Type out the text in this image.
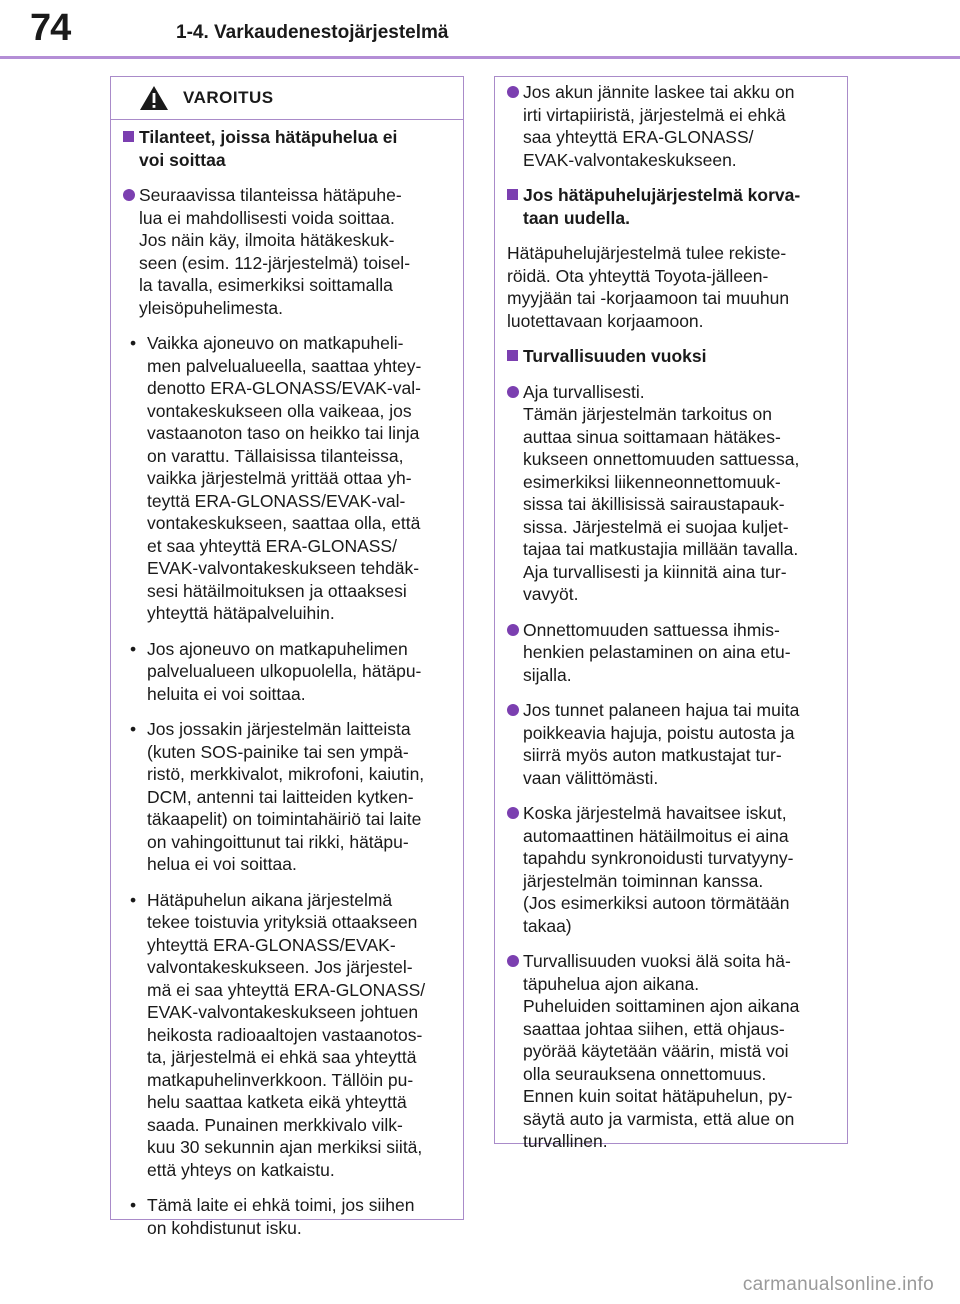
74	1-4. Varkaudenestojärjestelmä
VAROITUS
Tilanteet, joissa hätäpuhelua ei
voi soittaa
Seuraavissa tilanteissa hätäpuhe-
lua ei mahdollisesti voida soittaa.
Jos näin käy, ilmoita hätäkeskuk-
seen (esim. 112-järjestelmä) toisel-
la tavalla, esimerkiksi soittamalla
yleisöpuhelimesta.
• Vaikka ajoneuvo on matkapuheli-
men palvelualueella, saattaa yhtey-
denotto ERA-GLONASS/EVAK-val-
vontakeskukseen olla vaikeaa, jos
vastaanoton taso on heikko tai linja
on varattu. Tällaisissa tilanteissa,
vaikka järjestelmä yrittää ottaa yh-
teyttä ERA-GLONASS/EVAK-val-
vontakeskukseen, saattaa olla, että
et saa yhteyttä ERA-GLONASS/
EVAK-valvontakeskukseen tehdäk-
sesi hätäilmoituksen ja ottaaksesi
yhteyttä hätäpalveluihin.
• Jos ajoneuvo on matkapuhelimen
palvelualueen ulkopuolella, hätäpu-
heluita ei voi soittaa.
• Jos jossakin järjestelmän laitteista
(kuten SOS-painike tai sen ympä-
ristö, merkkivalot, mikrofoni, kaiutin,
DCM, antenni tai laitteiden kytken-
täkaapelit) on toimintahäiriö tai laite
on vahingoittunut tai rikki, hätäpu-
helua ei voi soittaa.
• Hätäpuhelun aikana järjestelmä
tekee toistuvia yrityksiä ottaakseen
yhteyttä ERA-GLONASS/EVAK-
valvontakeskukseen. Jos järjestel-
mä ei saa yhteyttä ERA-GLONASS/
EVAK-valvontakeskukseen johtuen
heikosta radioaaltojen vastaanotos-
ta, järjestelmä ei ehkä saa yhteyttä
matkapuhelinverkkoon. Tällöin pu-
helu saattaa katketa eikä yhteyttä
saada. Punainen merkkivalo vilk-
kuu 30 sekunnin ajan merkiksi siitä,
että yhteys on katkaistu.
• Tämä laite ei ehkä toimi, jos siihen
on kohdistunut isku.
Jos akun jännite laskee tai akku on
irti virtapiiristä, järjestelmä ei ehkä
saa yhteyttä ERA-GLONASS/
EVAK-valvontakeskukseen.
Jos hätäpuhelujärjestelmä korva-
taan uudella.
Hätäpuhelujärjestelmä tulee rekiste-
röidä. Ota yhteyttä Toyota-jälleen-
myyjään tai -korjaamoon tai muuhun
luotettavaan korjaamoon.
Turvallisuuden vuoksi
Aja turvallisesti.
Tämän järjestelmän tarkoitus on
auttaa sinua soittamaan hätäkes-
kukseen onnettomuuden sattuessa,
esimerkiksi liikenneonnettomuuk-
sissa tai äkillisissä sairaustapauk-
sissa. Järjestelmä ei suojaa kuljet-
tajaa tai matkustajia millään tavalla.
Aja turvallisesti ja kiinnitä aina tur-
vavyöt.
Onnettomuuden sattuessa ihmis-
henkien pelastaminen on aina etu-
sijalla.
Jos tunnet palaneen hajua tai muita
poikkeavia hajuja, poistu autosta ja
siirrä myös auton matkustajat tur-
vaan välittömästi.
Koska järjestelmä havaitsee iskut,
automaattinen hätäilmoitus ei aina
tapahdu synkronoidusti turvatyyny-
järjestelmän toiminnan kanssa.
(Jos esimerkiksi autoon törmätään
takaa)
Turvallisuuden vuoksi älä soita hä-
täpuhelua ajon aikana.
Puheluiden soittaminen ajon aikana
saattaa johtaa siihen, että ohjaus-
pyörää käytetään väärin, mistä voi
olla seurauksena onnettomuus.
Ennen kuin soitat hätäpuhelun, py-
säytä auto ja varmista, että alue on
turvallinen.
carmanualsonline.info
